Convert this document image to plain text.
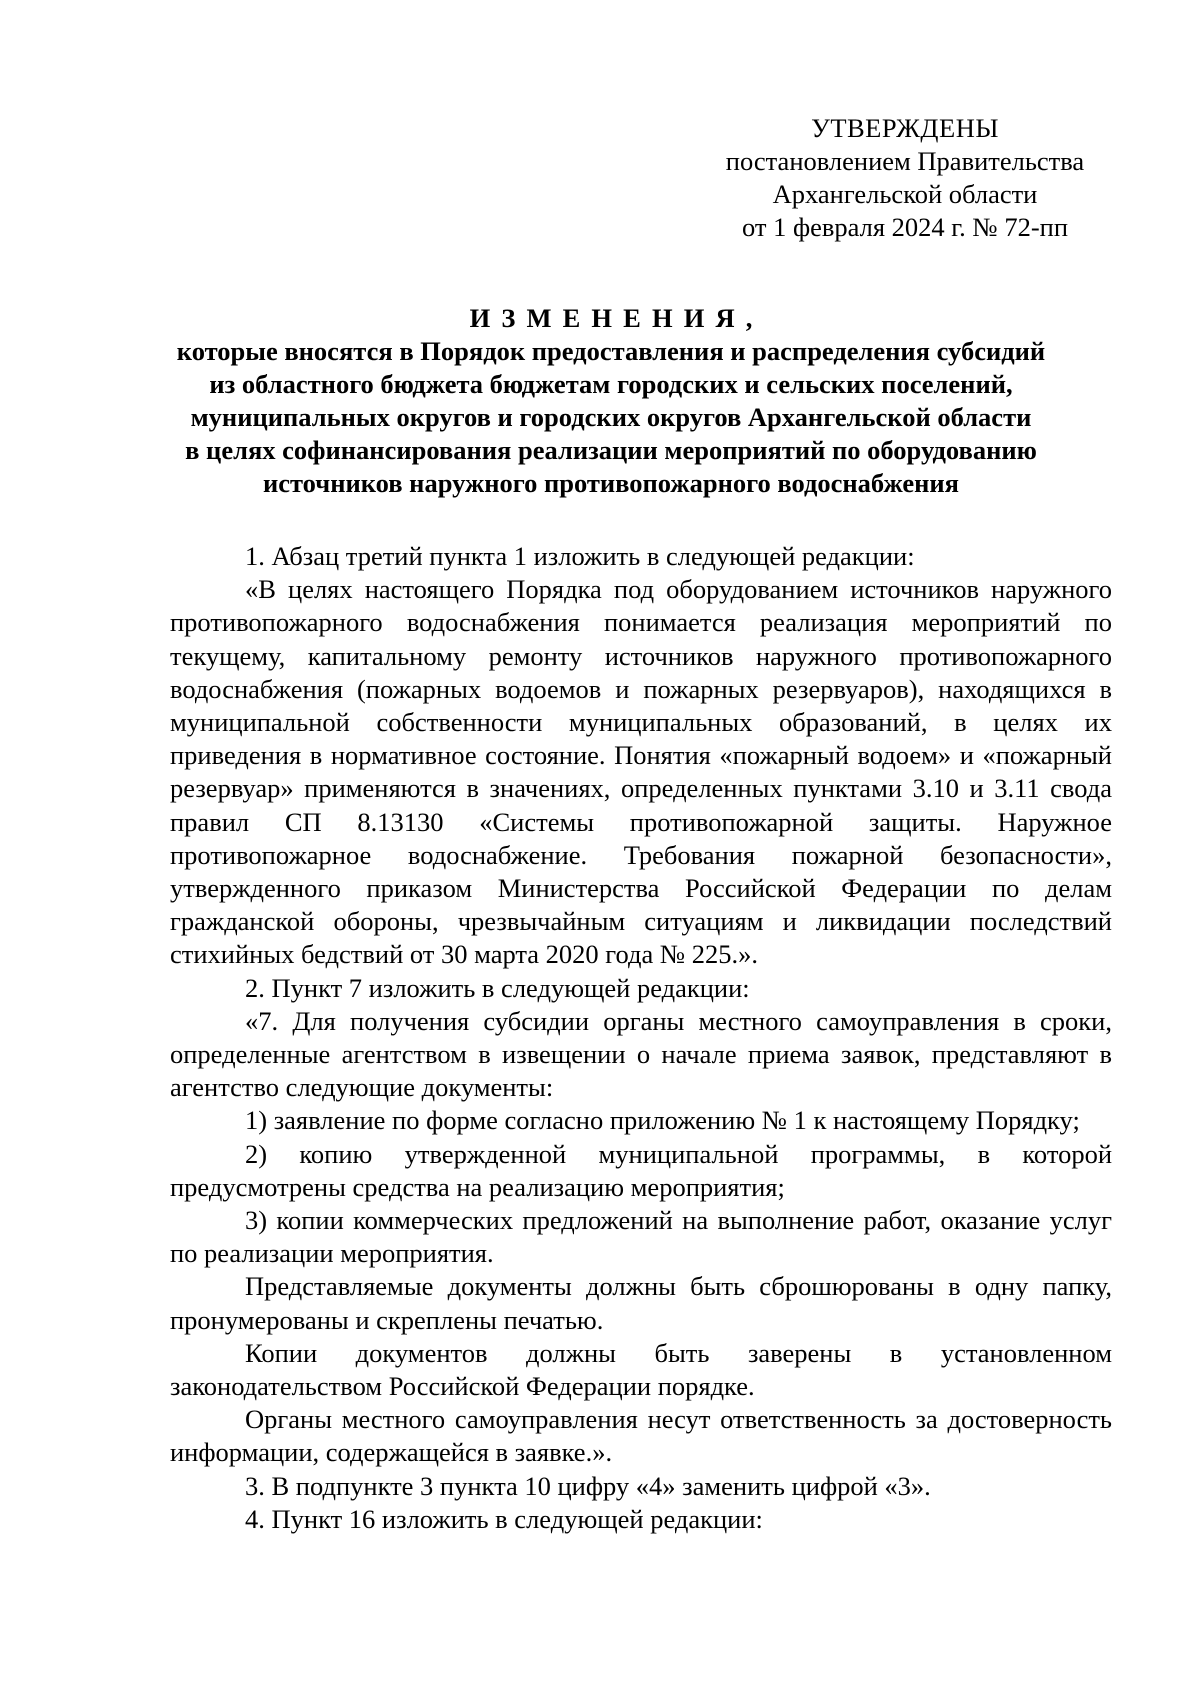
УТВЕРЖДЕНЫ
постановлением Правительства
Архангельской области
от 1 февраля 2024 г. № 72-пп
ИЗМЕНЕНИЯ,
которые вносятся в Порядок предоставления и распределения субсидий
из областного бюджета бюджетам городских и сельских поселений,
муниципальных округов и городских округов Архангельской области
в целях софинансирования реализации мероприятий по оборудованию
источников наружного противопожарного водоснабжения

1. Абзац третий пункта 1 изложить в следующей редакции:

«В целях настоящего Порядка под оборудованием источников наружного противопожарного водоснабжения понимается реализация мероприятий по текущему, капитальному ремонту источников наружного противопожарного водоснабжения (пожарных водоемов и пожарных резервуаров), находящихся в муниципальной собственности муниципальных образований, в целях их приведения в нормативное состояние. Понятия «пожарный водоем» и «пожарный резервуар» применяются в значениях, определенных пунктами 3.10 и 3.11 свода правил СП 8.13130 «Системы противопожарной защиты. Наружное противопожарное водоснабжение. Требования пожарной безопасности», утвержденного приказом Министерства Российской Федерации по делам гражданской обороны, чрезвычайным ситуациям и ликвидации последствий стихийных бедствий от 30 марта 2020 года № 225.».

2. Пункт 7 изложить в следующей редакции:

«7. Для получения субсидии органы местного самоуправления в сроки, определенные агентством в извещении о начале приема заявок, представляют в агентство следующие документы:

1) заявление по форме согласно приложению № 1 к настоящему Порядку;

2) копию утвержденной муниципальной программы, в которой предусмотрены средства на реализацию мероприятия;

3) копии коммерческих предложений на выполнение работ, оказание услуг по реализации мероприятия.

Представляемые документы должны быть сброшюрованы в одну папку, пронумерованы и скреплены печатью.

Копии документов должны быть заверены в установленном законодательством Российской Федерации порядке.

Органы местного самоуправления несут ответственность за достоверность информации, содержащейся в заявке.».

3. В подпункте 3 пункта 10 цифру «4» заменить цифрой «3».

4. Пункт 16 изложить в следующей редакции:
